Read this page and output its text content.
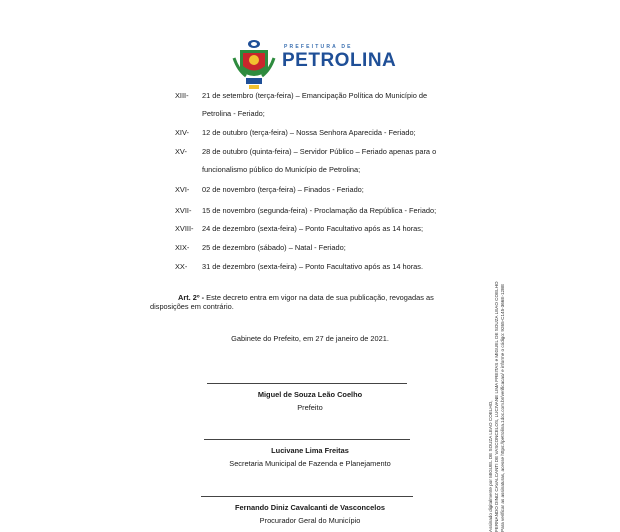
PREFEITURA DE
PETROLINA
XIII-	21 de setembro (terça-feira) – Emancipação Política do Município de
Petrolina - Feriado;
XIV-	12 de outubro (terça-feira) – Nossa Senhora Aparecida - Feriado;
XV-	28 de outubro (quinta-feira) – Servidor Público – Feriado apenas para o
funcionalismo público do Município de Petrolina;
XVI-	02 de novembro (terça-feira) – Finados - Feriado;
XVII-	15 de novembro (segunda-feira) - Proclamação da República - Feriado;
XVIII-	24 de dezembro (sexta-feira) – Ponto Facultativo após as 14 horas;
XIX-	25 de dezembro (sábado) – Natal - Feriado;
XX-	31 de dezembro (sexta-feira) – Ponto Facultativo após as 14 horas.
Art. 2º - Este decreto entra em vigor na data de sua publicação, revogadas as disposições em contrário.
Gabinete do Prefeito, em 27 de janeiro de 2021.
Miguel de Souza Leão Coelho
Prefeito
Lucivane Lima Freitas
Secretaria Municipal de Fazenda e Planejamento
Fernando Diniz Cavalcanti de Vasconcelos
Procurador Geral do Município	Assinado digitalmente por MIGUEL DE SOUZA LEAO COELHO, FERNANDO DINIZ CAVALCANTI DE VASCONCELOS, LUCIVANE LIMA FREITAS e MIGUEL DE SOUZA LEAO COELHO Para verificar as assinaturas, acesse https://petrolina.1doc.com.br/verificacao/ e informe o código: 9265-C145-366E-12BE
